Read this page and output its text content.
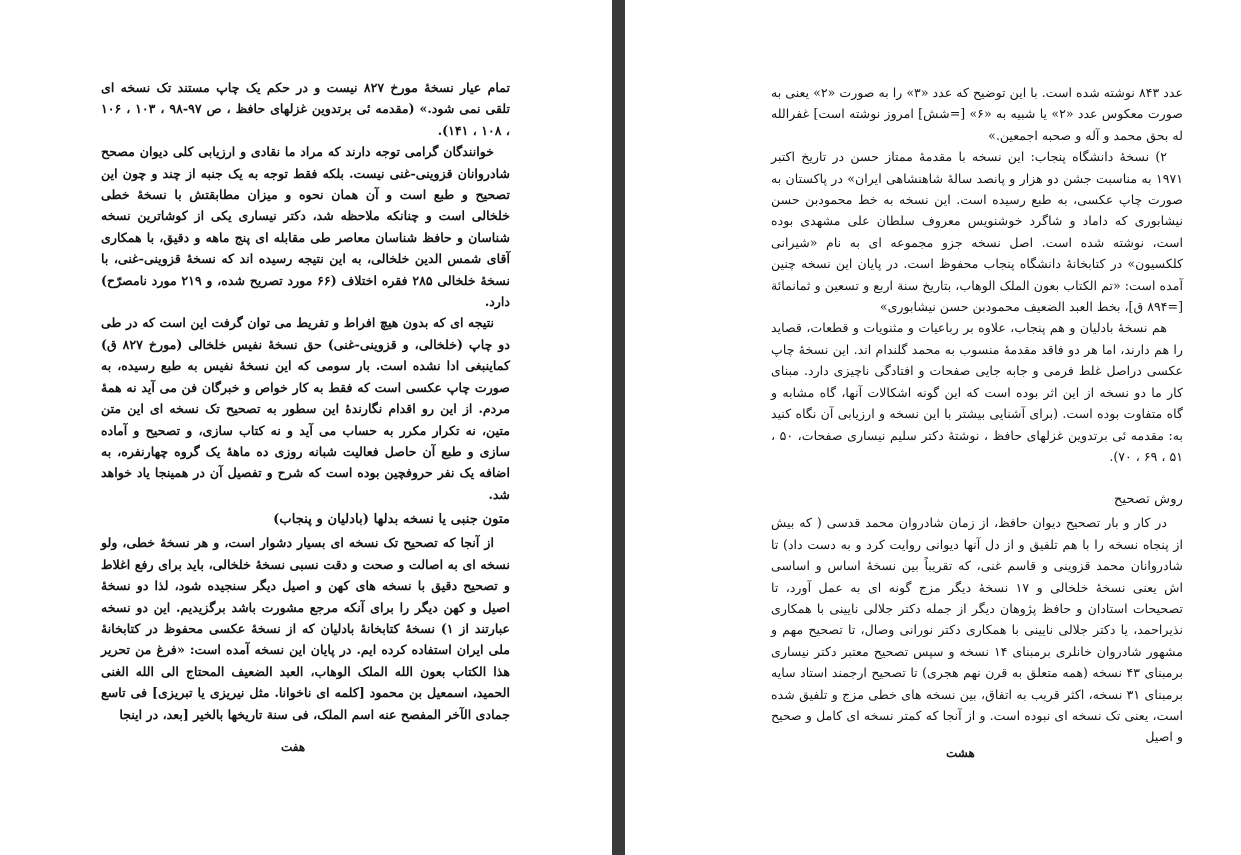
تمام عیار نسخهٔ مورخ ۸۲۷ نیست و در حکم یک چاپ مستند تک نسخه ای تلقی نمی شود.» (مقدمه ئی برتدوین غزلهای حافظ ، ص ۹۷-۹۸ ، ۱۰۳ ، ۱۰۶ ، ۱۰۸ ، ۱۴۱).

خوانندگان گرامی توجه دارند که مراد ما نقادی و ارزیابی کلی دیوان مصحح شادروانان قزوینی-غنی نیست. بلکه فقط توجه به یک جنبه از چند و چون این تصحیح و طبع است و آن همان نحوه و میزان مطابقتش با نسخهٔ خطی خلخالی است و چنانکه ملاحظه شد، دکتر نیساری یکی از کوشاترین نسخه شناسان و حافظ شناسان معاصر طی مقابله ای پنج ماهه و دقیق، با همکاری آقای شمس الدین خلخالی، به این نتیجه رسیده اند که نسخهٔ قزوینی-غنی، با نسخهٔ خلخالی ۲۸۵ فقره اختلاف (۶۶ مورد تصریح شده، و ۲۱۹ مورد نامصرّح) دارد.

نتیجه ای که بدون هیچ افراط و تفریط می توان گرفت این است که در طی دو چاپ (خلخالی، و قزوینی-غنی) حق نسخهٔ نفیس خلخالی (مورخ ۸۲۷ ق) کماینبغی ادا نشده است. بار سومی که این نسخهٔ نفیس به طبع رسیده، به صورت چاپ عکسی است که فقط به کار خواص و خبرگان فن می آید نه همهٔ مردم. از این رو اقدام نگارندهٔ این سطور به تصحیح تک نسخه ای این متن متین، نه تکرار مکرر به حساب می آید و نه کتاب سازی، و تصحیح و آماده سازی و طبع آن حاصل فعالیت شبانه روزی ده ماههٔ یک گروه چهارنفره، به اضافه یک نفر حروفچین بوده است که شرح و تفصیل آن در همینجا یاد خواهد شد.

متون جنبی یا نسخه بدلها (بادلیان و پنجاب)

از آنجا که تصحیح تک نسخه ای بسیار دشوار است، و هر نسخهٔ خطی، ولو نسخه ای به اصالت و صحت و دقت نسبی نسخهٔ خلخالی، باید برای رفع اغلاط و تصحیح دقیق با نسخه های کهن و اصیل دیگر سنجیده شود، لذا دو نسخهٔ اصیل و کهن دیگر را برای آنکه مرجع مشورت باشد برگزیدیم. این دو نسخه عبارتند از ۱) نسخهٔ کتابخانهٔ بادلیان که از نسخهٔ عکسی محفوظ در کتابخانهٔ ملی ایران استفاده کرده ایم. در پایان این نسخه آمده است: «فرغ من تحریر هذا الکتاب بعون الله الملک الوهاب، العبد الضعیف المحتاج الی الله الغنی الحمید، اسمعیل بن محمود [کلمه ای ناخوانا. مثل نیریزی یا تبریزی] فی تاسع جمادی الآخر المفصح عنه اسم الملک، فی سنة تاریخها بالخیر [بعد، در اینجا

هفت

عدد ۸۴۳ نوشته شده است. با این توضیح که عدد «۳» را به صورت «۲» یعنی به صورت معکوس عدد «۲» یا شبیه به «۶» [=شش] امروز نوشته است] غفرالله له بحق محمد و آله و صحبه اجمعین.»

۲) نسخهٔ دانشگاه پنجاب: این نسخه با مقدمهٔ ممتاز حسن در تاریخ اکتبر ۱۹۷۱ به مناسبت جشن دو هزار و پانصد سالهٔ شاهنشاهی ایران» در پاکستان به صورت چاپ عکسی، به طبع رسیده است. این نسخه به خط محمودبن حسن نیشابوری که داماد و شاگرد خوشنویس معروف سلطان علی مشهدی بوده است، نوشته شده است. اصل نسخه جزو مجموعه ای به نام «شیرانی کلکسیون» در کتابخانهٔ دانشگاه پنجاب محفوظ است. در پایان این نسخه چنین آمده است: «تم الکتاب بعون الملک الوهاب، بتاریخ سنة اربع و تسعین و ثمانمائة [=۸۹۴ ق]، بخط العبد الضعیف محمودبن حسن نیشابوری»

هم نسخهٔ بادلیان و هم پنجاب، علاوه بر رباعیات و مثنویات و قطعات، قصاید را هم دارند، اما هر دو فاقد مقدمهٔ منسوب به محمد گلندام اند. این نسخهٔ چاپ عکسی دراصل غلط فرمی و جابه جایی صفحات و افتادگی ناچیزی دارد. مبنای کار ما دو نسخه از این اثر بوده است که این گونه اشکالات آنها، گاه مشابه و گاه متفاوت بوده است. (برای آشنایی بیشتر با این نسخه و ارزیابی آن نگاه کنید به: مقدمه ئی برتدوین غزلهای حافظ ، نوشتهٔ دکتر سلیم نیساری صفحات، ۵۰ ، ۵۱ ، ۶۹ ، ۷۰).

روش تصحیح

در کار و بار تصحیح دیوان حافظ، از زمان شادروان محمد قدسی ( که بیش از پنجاه نسخه را با هم تلفیق و از دل آنها دیوانی روایت کرد و به دست داد) تا شادروانان محمد قزوینی و قاسم غنی، که تقریباً بین نسخهٔ اساس و اساسی اش یعنی نسخهٔ خلخالی و ۱۷ نسخهٔ دیگر مزج گونه ای به عمل آورد، تا تصحیحات استادان و حافظ پژوهان دیگر از جمله دکتر جلالی نایینی با همکاری نذیراحمد، یا دکتر جلالی نایینی با همکاری دکتر نورانی وصال، تا تصحیح مهم و مشهور شادروان خانلری برمبنای ۱۴ نسخه و سپس تصحیح معتبر دکتر نیساری برمبنای ۴۳ نسخه (همه متعلق به قرن نهم هجری) تا تصحیح ارجمند استاد سایه برمبنای ۳۱ نسخه، اکثر قریب به اتفاق، بین نسخه های خطی مزج و تلفیق شده است، یعنی تک نسخه ای نبوده است. و از آنجا که کمتر نسخه ای کامل و صحیح و اصیل

هشت
